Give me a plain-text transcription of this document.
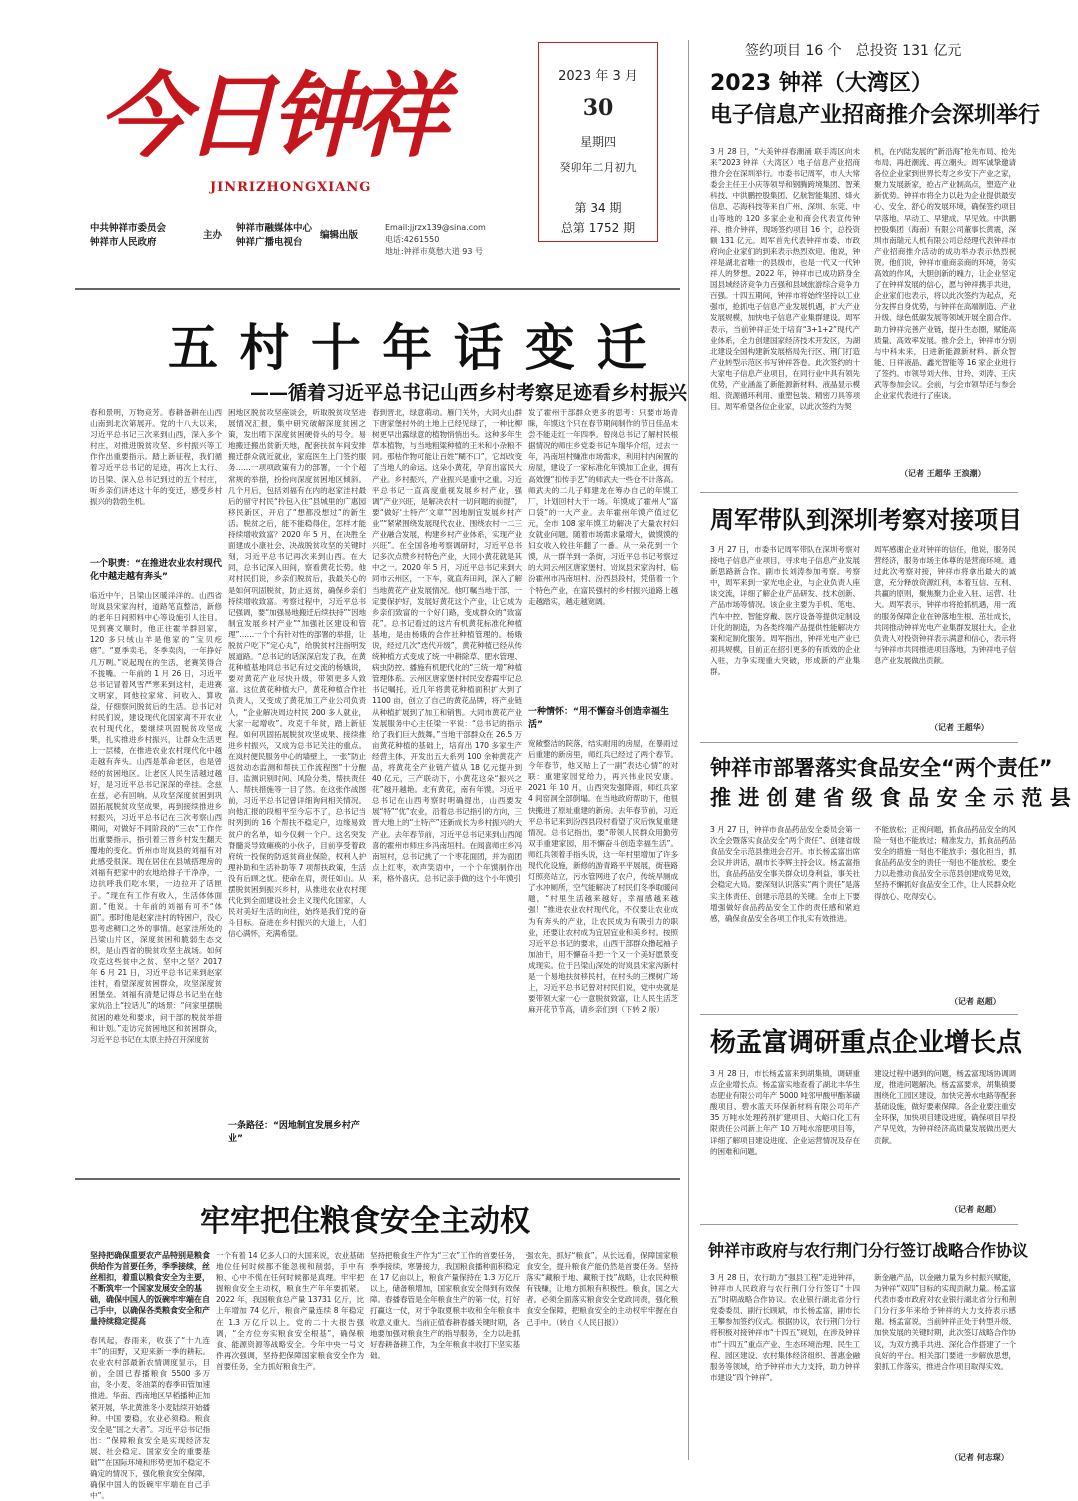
今日钟祥
JINRIZHONGXIANG
中共钟祥市委员会
钟祥市人民政府
主办
钟祥市融媒体中心
钟祥广播电视台
编辑出版
Email:jjrzx139@sina.com
电话:4261550
地址:钟祥市莫愁大道 93 号
2023 年 3 月
30
星期四
癸卯年二月初九
第 34 期
总第 1752 期
五 村 十 年 话 变 迁
——循着习近平总书记山西乡村考察足迹看乡村振兴
春和景明，万物竞芳。春耕备耕在山西山南到北次第展开。党的十八大以来，习近平总书记三次来到山西，深入多个村庄，对推进脱贫攻坚、乡村振兴等工作作出重要指示。踏上新征程，我们循着习近平总书记的足迹，再次上太行、访吕梁、深入总书记到过的五个村庄，听乡亲们讲述这十年的变迁，感受乡村振兴的勃勃生机。
一个职责：“在推进农业农村现代化中越走越有奔头”
临近中午，吕梁山区暖洋洋的。山西省岢岚县宋家沟村，道路笔直整洁，新修的老年日间照料中心等设施引人注目。见到赛文顺时，他正往霍羊群回家，120 多只绒山羊是他家的“宝贝疙瘩”。“夏季卖毛，冬季卖肉，一年挣好几万咧。”说起现在的生活，老赛笑得合不拢嘴。一年前的 1 月 26 日，习近平总书记冒着风雪严寒来到这村，走进赛文明家，同他拉家常、问收入、算收益，仔细察问脱贫后的生活。总书记对村民们说，建设现代化国家离不开农业农村现代化，要继续巩固脱贫攻坚成果，扎实推进乡村振兴，让群众生活更上一层楼，在推进农业农村现代化中越走越有奔头。山西是革命老区，也是曾经的贫困地区。让老区人民生活越过越好，是习近平总书记深深的牵挂。念兹在兹，必有回响。从攻坚深度贫困到巩固拓展脱贫攻坚成果，再到接续推进乡村振兴，习近平总书记在三次考察山西期间，对做好不同阶段的“三农”工作作出重要指示，指引着三晋乡村发生翻天覆地的变化。忻州市岢岚县的刘福有对此感受很深。现在居住在县城搭理房的刘福有把家中的农地给排子干净净，一边抗呼我们吃水果，一边拉开了话匣子。“现在有工作有收入，生活体体面面。”他说。十年前的刘福有可不“体面”。那时他是赵家洼村的特困户，没心思考虑稠口之外的事情。赵家洼所处的吕梁山片区，深度贫困和脆弱生态交织，是山西省的脱贫攻坚主战场。如何攻克这些贫中之贫、坚中之坚？2017 年 6 月 21 日，习近平总书记来到赵家洼村，看望深度贫困群众，攻坚深度贫困堡垒。刘福有清楚记得总书记坐在他家炕沿上“拉话儿”的场景：“问家里摆脱贫困的难处和要求，问干部的脱贫举措和计划。”走访完贫困地区和贫困群众，习近平总书记在太原主持召开深度贫
困地区脱贫攻坚座谈会，听取脱贫攻坚进展情况汇报，集中研究破解深度贫困之策，发出啃下深度贫困硬骨头的号令。易地搬迁搬出贫新天地，配套扶贫车间安排搬迁群众就近就业，家庭医生上门签约服务……一项项政策有力的部署，一个个超常规的举措，扮扮向深度贫困地区倾斜。几个月后，包括刘福有在内的赵家洼村最后的留守村民“拎包入住”县城里的广惠园移民新区，开启了“想都没想过”的新生活。脱贫之后，能不能稳得住，怎样才能持续增收致富？2020 年 5 月，在决胜全面建成小康社会、决战脱贫攻坚的关键时刻，习近平总书记再次来到山西。在大同，总书记深入田间，察看黄花长势。他对村民们说，乡亲们脱贫后，我最关心的是如何巩固脱贫，防止返贫，确保乡亲们持续增收致富。考察过程中，习近平总书记强调，要“加强易地搬迁后续扶持”“因地制宜发展乡村产业”“加强社区建设和管理”……一个个有针对性的部署的举措，让脱贫户吃下“定心丸”，给脱贫村注指明发展道路。“总书记的话深深启发了我，在黄花种植基地同总书记有过交流的杨娥说，要对黄花产业尽快升级，带领更多人致富。这位黄花种植大户，黄花种植合作社负责人，又变成了黄花加工产业公司负责人，“企业解决周边村民 200 多人就业，大家一起增收”。攻克千年贫，踏上新征程。如何巩固拓展脱贫攻坚成果、接续推进乡村振兴，又成为总书记关注的重点。在岚村便民服务中心的墙壁上，一张“防止返贫动态监测和帮扶工作流程图”十分醒目。监测识别时间、风险分类、帮扶责任人、帮扶措施等一目了然。在这张作战图前，习近平总书记曾详细询问相关情况。向他汇报的段相平至今忘不了，总书记当时列到的 16 个帮扶不稳定户，边缘易致贫户的名单，如今仅剩一个户。这名突发脊髓炎导致瘫痪的小伙子，目前享受着政府统一投保的防返贫商业保险，权利人护理补助和生活补助等 7 项帮扶政策，生活没有后顾之忧。使命在肩，责任如山。从摆脱贫困到振兴乡村，从推进农业农村现代化到全面建设社会主义现代化国家，人民对美好生活的向往，始终是我们党的奋斗目标。奋进在乡村振兴的大道上，人们信心满怀，充满希望。
一条路径：“因地制宜发展乡村产业”
春到晋北，绿意萌动。雁门关外，大同火山群下唐家堡村外的土地上已经见绿了，一种比柳树更早出露绿意的植物悄悄出头。这种多年生草本植物，与当地粗粱种植的王米和小杂粮不同。那枯作物可能让百姓“糊不口”，它却改变了当地人的命运。这朵小黄花，孕育出富民大产业。乡村振兴，产业振兴是重中之重。习近平总书记一直高度重视发展乡村产业，强调“产业兴旺，是解决农村一切问题的前提”，要“做好‘土特产’文章”“因地制宜发展乡村产业”“紧紧围绕发展现代农业、围绕农村一二三产业融合发展，构建乡村产业体系，实现产业兴旺”。在全国各地考察调研时，习近平总书记多次点赞乡村特色产业，大同小黄花就是其中之一。2020 年 5 月，习近平总书记来到大同市云州区，一下车，就直奔田间，深入了解当地黄花产业发展情况。他叮嘱当地干部，一定要保护好，发展好黄花这个产业，让它成为乡亲们致富的一个好门路，变成群众的“致富花”。总书记看过的这片有机黄花标准化种植基地，是由杨娥的合作社种植管理的。杨娥说，经过几次“迭代升级”，黄花种植已经从传统种植方式变成了统一中耕除草、肥水管理、病虫防控、播施有机肥代化的“三统一增”种植管理体系。云州区唐家堡村村民安春霞牢记总书记嘱托，近几年将黄花种植面积扩大到了 1100 亩，创立了自己的黄花品牌，将产业链从种植扩展到了加工和销售。大同市黄花产业发展服务中心主任梁一平说：“总书记的指示给了我们巨大鼓舞。”当地干部群众在 26.5 万亩黄花种植的基础上，培育出 170 多家生产经营主体，开发出五大系列 100 余种黄花产品，将黄花全产业链产值从 18 亿元提升到 40 亿元，三产联动下，小黄花这朵“振兴之花”越开越艳。北有黄花，南有年馍。习近平总书记在山西考察时明确提出，山西要发展“特”“优”农业，沿着总书记指引的方向，三晋大地上的“土特产”还新成长为乡村振兴的大产业。去年春节前，习近平总书记来到山西闻喜的霍州市师庄乡冯南垣村。在闻喜师庄乡冯南垣村，总书记挑了一个枣花面团，并为面团点上红枣，欢声笑语中，一个个年馍制作出来，格外喜庆。总书记亲手做的这个小年馍引
发了霍州干部群众更多的思考：只要市场青睐，年馍这个只在春节期间制作的节日佳品未尝不能走红一年四季。曾岗总书记了解村民根据情况的师庄乡党委书记车瑞华介绍，过去一年，冯南垣村赚准市场需求，利用村内闲置的房屋，建设了一家标准化年馍加工企业，拥有高效馒“扣传手艺”的师武夫一些仓不计落高。师武夫的二儿子师建龙在筹办自己的年馍工厂，计划回村大干一场。年馍成了霍州人“富口袋”的一大产业。去年霍州年馍产值过亿元，全市 108 家年馍工坊解决了大量农村妇女就业问题。随着市场需求量增大，做馍馍的妇女收入较往年翻了一番。从一朵花到一个馍，从一群羊到一条街，习近平总书记考察过的大同云州区唐家堡村、岢岚县宋家沟村、临汾霍州市冯南垣村、汾西县段村，凭借着一个个特色产业，在富民强村的乡村振兴道路上越走越踏实，越走越宽阔。
一种情怀：“用不懈奋斗创造幸福生活”
宽敞整洁的院落，结实耐用的房屋，在暴雨过后重建的新房里，师红兵已经过了两个春节。今年春节，他又贴上了一副“表达心情”的对联：重建家园党给力，再兴伟业民安康。2021 年 10 月，山西突发强降雨，师红兵家 4 间窑洞全部倒塌。在当地政府帮助下，他很快搬进了原址重建的新房。去年春节前，习近平总书记来到汾西县段村看望了灾后恢复重建情况。总书记指出，要“带领人民群众用勤劳双手重建家园，用不懈奋斗创造幸福生活”。师红兵领着手指头说，这一年村里增加了许多现代化设施，新修的游青路平平展展，街巷路灯照亮站立，污水管网进了农户，传统旱厕成了水冲厕所，空气能解决了村民们冬季取暖问题，“村里生活越来越好，幸福感越来越强！”推进农业农村现代化，不仅要让农业成为有奔头的产业，让农民成为有吸引力的职业，还要让农村成为宜居宜业和美乡村。按照习近平总书记的要求，山西干部群众撸起袖子加油干，用不懈奋斗把一个又一个美好愿景变成现实。位于吕梁山深处的岢岚县宋家沟新村是一个易地扶贫移民村，在村头的三棵树广场上，习近平总书记曾对村民们说，党中央就是要带领大家一心一意脱贫致富，让人民生活芝麻开花节节高，请乡亲们到（下转 2 版）
牢牢把住粮食安全主动权
坚持把确保重要农产品特别是粮食供给作为首要任务，季季接续，丝丝相扣，着重以粮食安全为主要，不断筑牢一个国家发展安全的基础，确保中国人的饭碗牢牢端在自己手中，以确保各类粮食安全和产量持续稳定提高
春风起，春雨来，收获了“十九连丰”的田野，又迎来新一季的耕耘。农业农村部最新农情调度显示，目前，全国已春播粮食 5500 多万亩，冬小麦、冬油菜的春季田管加速推进。华南、西南地区早稻播种正加紧开展，华北黄淮冬小麦陆续开始播种。中国 要稳，农业必须稳。粮食安全是“国之大者”。习近平总书记指出：“保障粮食安全是实现经济发展、社会稳定、国家安全的重要基础”“在国际环境和形势更加不稳定不确定的情况下，强化粮食安全保障，确保中国人的饭碗牢牢端在自己手中”。
一个有着 14 亿多人口的大国来说，农业基础地位任何时候都不能忽视和削弱，手中有粮、心中不慌在任何时候都是真理。牢牢把握粮食安全主动权，粮食生产年年要抓紧。2022 年，我国粮食总产量 13731 亿斤，比上年增加 74 亿斤，粮食产量连续 8 年稳定在 1.3 万亿斤以上。党的二十大报告强调，“全方位夯实粮食安全根基”，确保粮食、能源资源等战略安全。今年中央一号文件再次强调，坚持把保障国家粮食安全作为首要任务，全力抓好粮食生产。
坚持把粮食生产作为“三农”工作的首要任务，季季接续、寒暑接力，我国粮食播种面积稳定在 17 亿亩以上，粮食产量保持在 1.3 万亿斤以上，储备粮增加，国家粮食安全得到有效保障。春播春管是全年粮食生产的第一仗，打好打赢这一仗，对于争取夏粮丰收和全年粮食丰收意义重大。当前正值春耕春播关键时期，各地要加强对粮食生产的指导服务，全力以赴抓好春耕备耕工作，为全年粮食丰收打下坚实基础。
强农先，抓好“粮食”。从长远看，保障国家粮食安全，提升粮食产能仍然是首要任务。坚持落实“藏粮于地、藏粮于技”战略，让农民种粮有钱赚，让地方抓粮有积极性。粮食，国之大者。必须全面落实粮食安全党政同责，强化粮食安全保障，把粮食安全的主动权牢牢握在自己手中。（转自《人民日报》）
签约项目 16 个　总投资 131 亿元
2023 钟祥（大湾区）
电子信息产业招商推介会深圳举行
3 月 28 日，“大美钟祥春潮涌 联手湾区向未来”2023 钟祥（大湾区）电子信息产业招商推介会在深圳举行。市委书记周军，市人大常委会主任王小庆等领导和钢腾跨境集团、智莱科技、中洪鹏控股集团、亿航智能集团、烽火信息、芯海科技等来自广州、深圳、东莞、中山等地的 120 多家企业和商会代表宣传钟祥、推介钟祥，现场签约项目 16 个，总投资额 131 亿元。周军首先代表钟祥市委、市政府向企业家们的到来表示热烈欢迎。他说，钟祥是湖北省唯一的县级市，也是一代又一代钟祥人的梦想。2022 年，钟祥市已成功跻身全国县域经济竞争力百强和县域旅游综合竞争力百强。十四五期间，钟祥市将始终坚持以工业强市，抢抓电子信息产业发展机遇，扩大产业发展规模，加快电子信息产业集群建设。周军表示，当前钟祥正处于培育“3+1+2”现代产业体系，全力创建国家经济技术开发区，为湖北建设全国构建新发展格局先行区、荆门打造产业转型示范区书写钟祥答卷。此次签约的十大家电子信息产业项目，在同行业中具有领先优势，产业涵盖了新能源新材料、液晶显示模组、资源循环利用、重塑包装、精密刀具等项目。周军希望各位企业家，以此次签约为契
机，在内陆发展的“新沿海”抢先布局、抢先布局、再赶潮流、再立潮头。周军诚挚邀请各位企业家到世界长寿之乡安下产业之家，聚力发展新家，抢占产业制高点，塑造产业新优势。钟祥市将全力以赴为企业提供最安心、安全、舒心的发展环境，确保签约项目早落地、早动工、早建成、早见效。中洪鹏控股集团（海南）有限公司董事长黄震，深圳市南瑞元人机有限公司总经理代表钟祥市产业招商推介活动的成功举办表示热烈祝贺。他们说，钟祥市重商亲商的环境，务实高效的作风，大胆创新的魄力，让企业坚定了在钟祥发展的信心，愿与钟祥携手共进，企业家们也表示，将以此次签约为起点，充分发挥自身优势，与钟祥在高端制造、产业升级、绿色低碳发展等领域开展全面合作。助力钟祥完善产业链，提升生态圈，赋能高质量、高效率发展。推介会上，钟祥市分别与中科未来，日进新能源新材料、新众智能、日祥液晶、鑫光智能等 16 家企业进行了签约。市领导刘大伟、甘玲、刘涛、王庆武等参加会议。会前，与会市领导还与参会企业家代表进行了座谈。
（记者 王超华 王浪潮）
周军带队到深圳考察对接项目
3 月 27 日，市委书记周军带队在深圳考察对接电子信息产业项目，寻求电子信息产业发展新思路新合作。副市长刘涛参加考察。考察中，周军来到一家光电企业，与企业负责人座谈交流，详细了解企业产品研发、技术创新、产品市场等情况。该企业主要为手机、笔电、汽车中控、智能穿戴、医疗设备等提供定制设计化的制造，为各类终端产品提供性能解决方案和定制化服务。周军指出，钟祥光电产业已初具规模，目前正在招引更多的有质效的企业入驻，力争实现重大突破，形成新的产业集群。
周军感谢企业对钟祥的信任，他说，服务民营经济，服务市场主体尊的是营商环境。通过此次考察对接，钟祥市将拿出最大的诚意，充分释放资源红利，本着互信、互利、共赢的原则，聚焦聚力企业入驻、运营、壮大。周军表示，钟祥市将抢抓机遇，用一流的服务保障企业在钟落地生根、茁壮成长，共同推动钟祥光电产业集群发展壮大。企业负责人对投资钟祥表示满意和信心，表示将与钟祥市共同推进项目落地，为钟祥电子信息产业发展做出贡献。
（记者 王超华）
钟祥市部署落实食品安全“两个责任”
推 进 创 建 省 级 食 品 安 全 示 范 县
3 月 27 日，钟祥市食品药品安全委员会第一次全会暨落实食品安全“两个责任”、创建省级食品安全示范县推进会召开。市长杨孟富出席会议并讲话，副市长李辉主持会议。杨孟富指出，食品药品安全事关群众切身利益，事关社会稳定大局。要深刻认识落实“两个责任”是落实主体责任、创建示范县的关键。全市上下要增强做好食品药品安全工作的责任感和紧迫感，确保食品安全各项工作扎实有效推进。
不能放松；正视问题，抓食品药品安全的风险一刻也不能放过；精准发力，抓食品药品安全的措施一刻也不能放手；强化担当，抓食品药品安全的责任一刻也不能放松。要全力以赴推动食品安全示范县创建成势见效，坚持不懈抓好食品安全工作，让人民群众吃得放心、吃得安心。
（记者 赵超）
杨孟富调研重点企业增长点
3 月 28 日，市长杨孟富来到胡集镇，调研重点企业增长点。杨孟富实地查看了湖北丰华生态肥业有限公司年产 5000 吨邻甲酸甲酯苯磺酸项目、碧水蓝天环保新材料有限公司年产 35 万吨水处理药剂扩建项目、大峪口化工有限责任公司新上年产 10 万吨水溶肥项目等，详细了解项目建设进度、企业运营情况及存在的困难和问题。
建设过程中遇到的问题，杨孟富现场协调调度，推进问题解决。杨孟富要求，胡集镇要围绕化工园区建设，加快完善水电路等配套基础设施，做好要素保障。各企业要注重安全环保，加快项目建设进度，确保项目早投产早见效，为钟祥经济高质量发展做出更大贡献。
（记者 赵超）
钟祥市政府与农行荆门分行签订战略合作协议
3 月 28 日，农行助力“强县工程”走进钟祥，钟祥市人民政府与农行荆门分行签订“十四五”时期战略合作协议。农业银行湖北省分行党委委员、副行长顾斌，市长杨孟富，副市长王攀参加签约仪式。根据协议，农行荆门分行将积极对接钟祥市“十四五”规划，在涉及钟祥市“十四五”重点产业、生态环境治理、民生工程、园区建设、农村集体经济组织、普惠金融服务等领域，给予钟祥市大力支持，助力钟祥市建设“四个钟祥”。
新金融产品，以金融力量为乡村振兴赋能，为钟祥“双四”目标的实现贡献力量。杨孟富代表市委市政府对农业银行湖北省分行和荆门分行多年来给予钟祥的大力支持表示感谢。杨孟富说，当前钟祥正处于转型升级、加快发展的关键时期，此次签订战略合作协议，为双方携手共进、深化合作搭建了一个良好的平台。相关部门要进一步解放思想，狠抓工作落实，推进合作项目取得实效。
（记者 何志琛）
